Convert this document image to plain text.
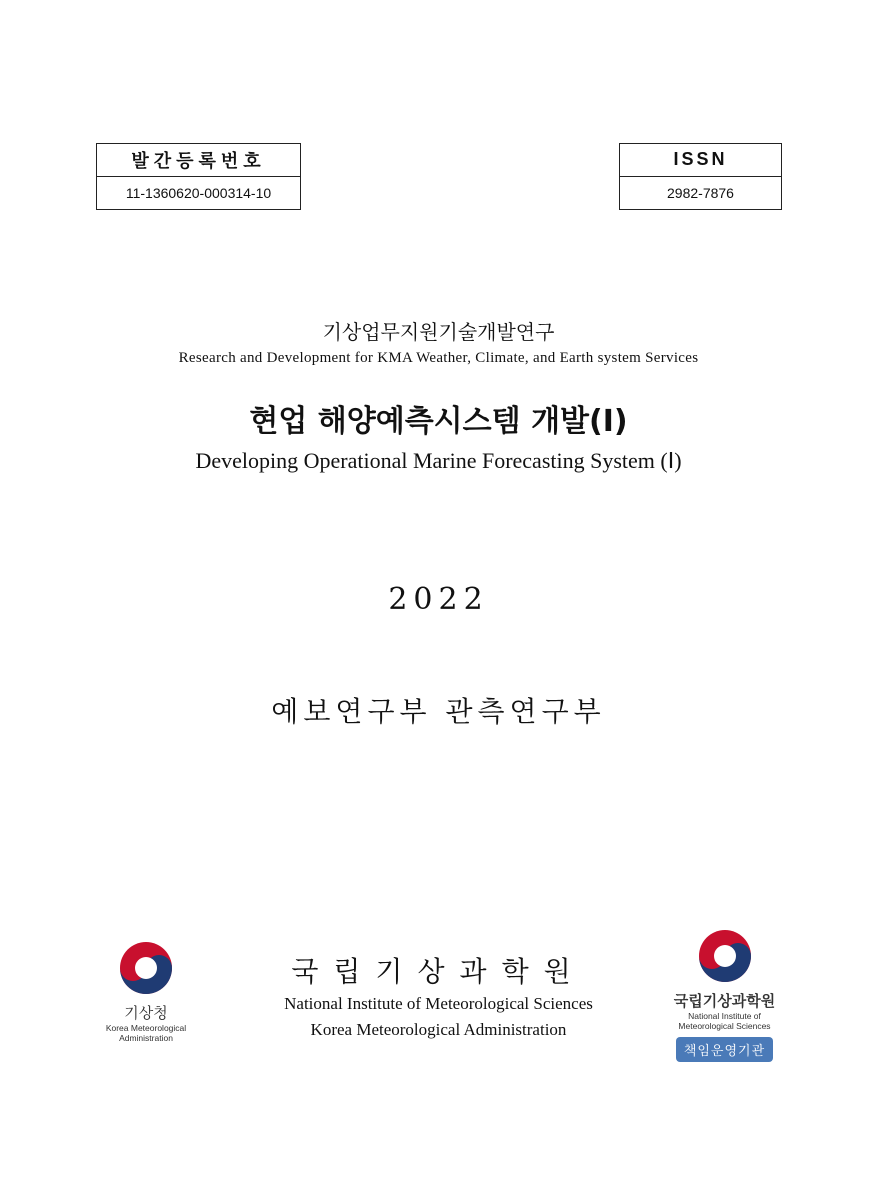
발간등록번호
11-1360620-000314-10
ISSN
2982-7876
기상업무지원기술개발연구
Research and Development for KMA Weather, Climate, and Earth system Services
현업 해양예측시스템 개발(Ⅰ)
Developing Operational Marine Forecasting System (Ⅰ)
2022
예보연구부 관측연구부
국립기상과학원
National Institute of Meteorological Sciences
Korea Meteorological Administration
기상청
Korea Meteorological Administration
국립기상과학원
National Institute of Meteorological Sciences
책임운영기관
